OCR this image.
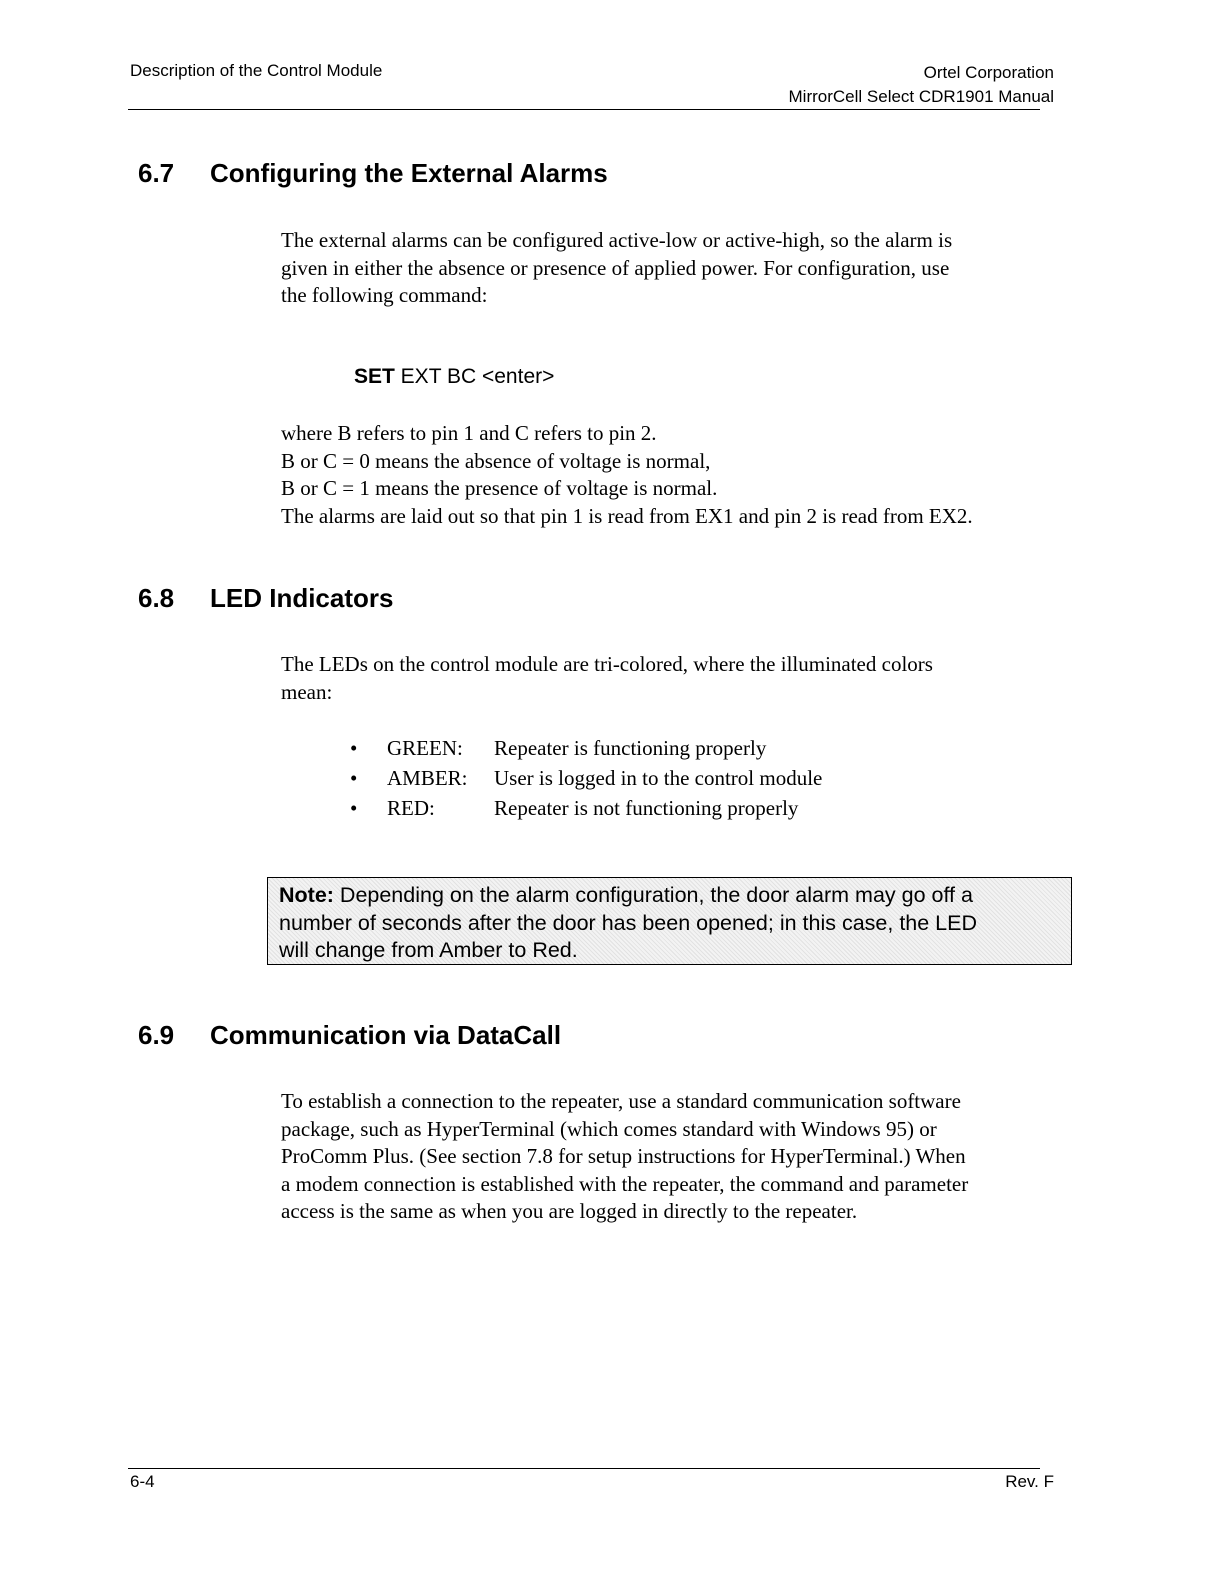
Description of the Control Module	Ortel Corporation
MirrorCell Select CDR1901 Manual
6.7 Configuring the External Alarms
The external alarms can be configured active-low or active-high, so the alarm is
given in either the absence or presence of applied power. For configuration, use
the following command:
SET EXT BC <enter>
where B refers to pin 1 and C refers to pin 2.
B or C = 0 means the absence of voltage is normal,
B or C = 1 means the presence of voltage is normal.
The alarms are laid out so that pin 1 is read from EX1 and pin 2 is read from EX2.
6.8 LED Indicators
The LEDs on the control module are tri-colored, where the illuminated colors
mean:
•	GREEN:	Repeater is functioning properly
•	AMBER:	User is logged in to the control module
•	RED:	Repeater is not functioning properly
Note: Depending on the alarm configuration, the door alarm may go off a
number of seconds after the door has been opened; in this case, the LED
will change from Amber to Red.
6.9 Communication via DataCall
To establish a connection to the repeater, use a standard communication software
package, such as HyperTerminal (which comes standard with Windows 95) or
ProComm Plus. (See section 7.8 for setup instructions for HyperTerminal.) When
a modem connection is established with the repeater, the command and parameter
access is the same as when you are logged in directly to the repeater.
6-4	Rev. F
